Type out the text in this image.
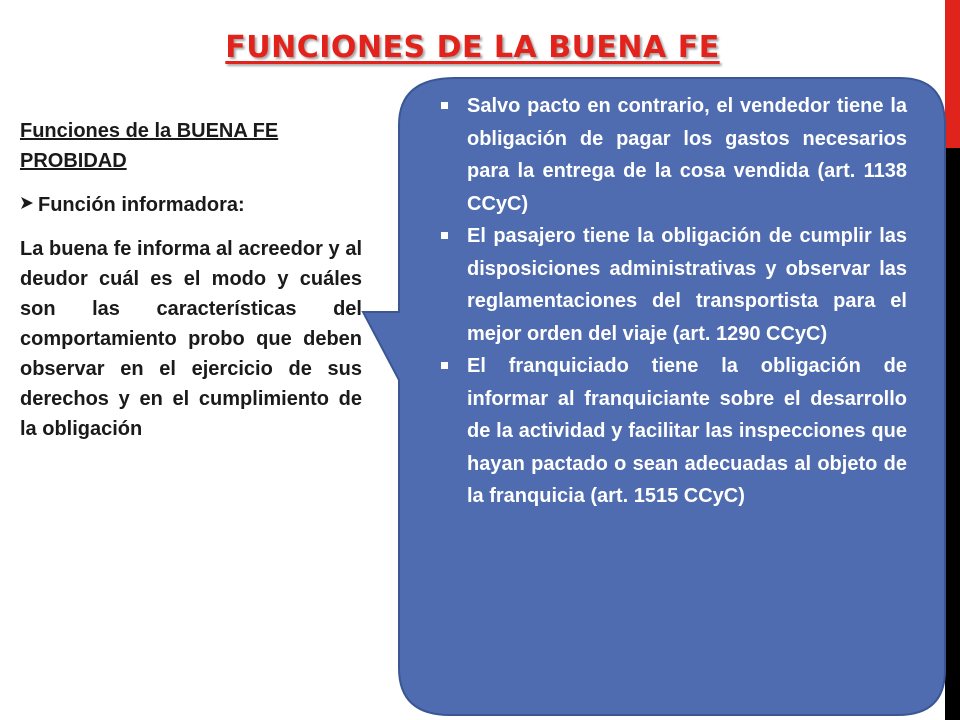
FUNCIONES DE LA BUENA FE

Funciones de la BUENA FE PROBIDAD

Función informadora:

La buena fe informa al acreedor y al deudor cuál es el modo y cuáles son las características del comportamiento probo que deben observar en el ejercicio de sus derechos y en el cumplimiento de la obligación

Salvo pacto en contrario, el vendedor tiene la obligación de pagar los gastos necesarios para la entrega de la cosa vendida (art. 1138 CCyC)
El pasajero tiene la obligación de cumplir las disposiciones administrativas y observar las reglamentaciones del transportista para el mejor orden del viaje (art. 1290 CCyC)
El franquiciado tiene la obligación de informar al franquiciante sobre el desarrollo de la actividad y facilitar las inspecciones que hayan pactado o sean adecuadas al objeto de la franquicia (art. 1515 CCyC)
